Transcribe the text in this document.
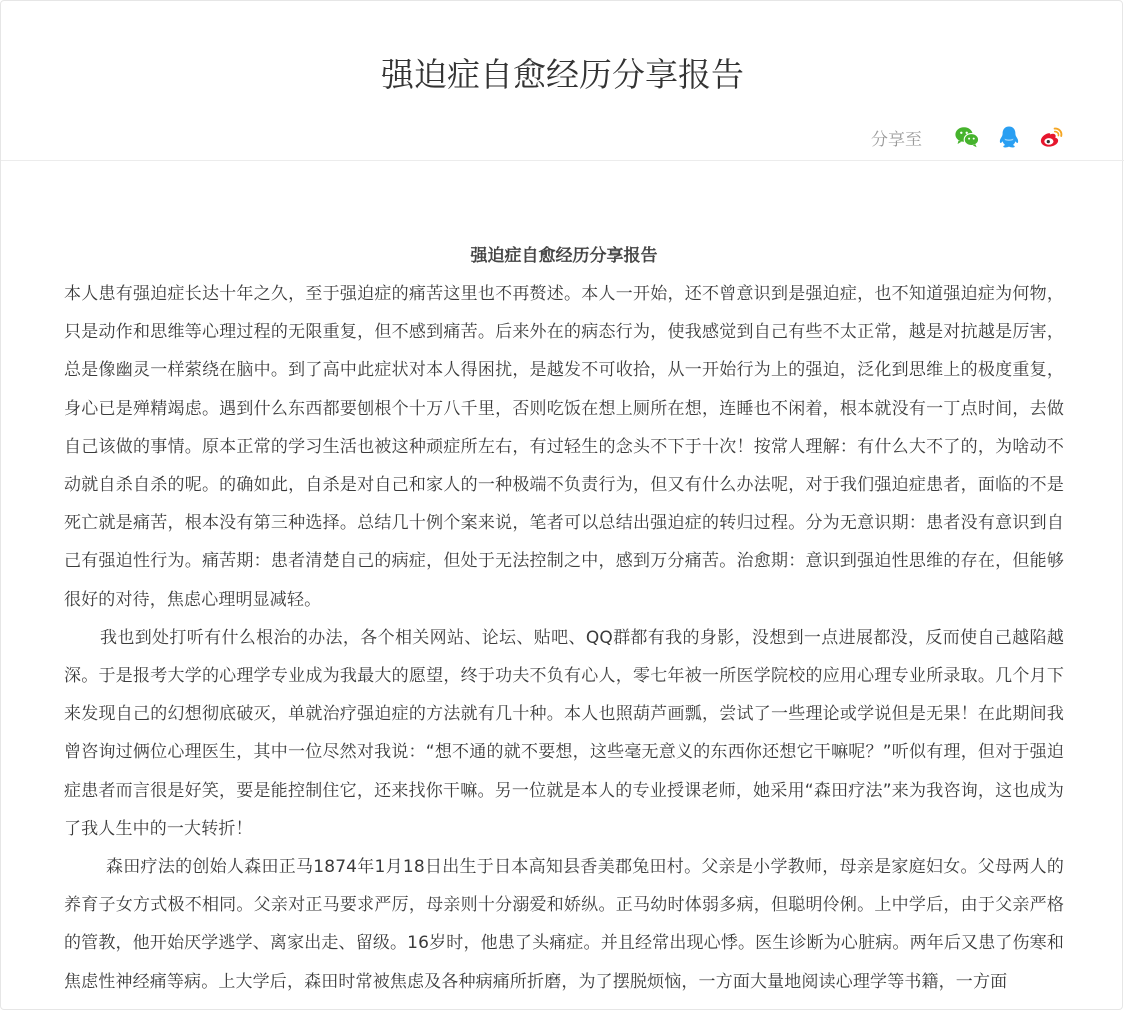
强迫症自愈经历分享报告
分享至

强迫症自愈经历分享报告

本人患有强迫症长达十年之久，至于强迫症的痛苦这里也不再赘述。本人一开始，还不曾意识到是强迫症，也不知道强迫症为何物，只是动作和思维等心理过程的无限重复，但不感到痛苦。后来外在的病态行为，使我感觉到自己有些不太正常，越是对抗越是厉害，总是像幽灵一样萦绕在脑中。到了高中此症状对本人得困扰，是越发不可收拾，从一开始行为上的强迫，泛化到思维上的极度重复，身心已是殚精竭虑。遇到什么东西都要刨根个十万八千里，否则吃饭在想上厕所在想，连睡也不闲着，根本就没有一丁点时间，去做自己该做的事情。原本正常的学习生活也被这种顽症所左右，有过轻生的念头不下于十次！按常人理解：有什么大不了的，为啥动不动就自杀自杀的呢。的确如此，自杀是对自己和家人的一种极端不负责行为，但又有什么办法呢，对于我们强迫症患者，面临的不是死亡就是痛苦，根本没有第三种选择。总结几十例个案来说，笔者可以总结出强迫症的转归过程。分为无意识期：患者没有意识到自己有强迫性行为。痛苦期：患者清楚自己的病症，但处于无法控制之中，感到万分痛苦。治愈期：意识到强迫性思维的存在，但能够很好的对待，焦虑心理明显减轻。

我也到处打听有什么根治的办法，各个相关网站、论坛、贴吧、QQ群都有我的身影，没想到一点进展都没，反而使自己越陷越深。于是报考大学的心理学专业成为我最大的愿望，终于功夫不负有心人，零七年被一所医学院校的应用心理专业所录取。几个月下来发现自己的幻想彻底破灭，单就治疗强迫症的方法就有几十种。本人也照葫芦画瓢，尝试了一些理论或学说但是无果！在此期间我曾咨询过俩位心理医生，其中一位尽然对我说：“想不通的就不要想，这些毫无意义的东西你还想它干嘛呢？”听似有理，但对于强迫症患者而言很是好笑，要是能控制住它，还来找你干嘛。另一位就是本人的专业授课老师，她采用“森田疗法”来为我咨询，这也成为了我人生中的一大转折！

森田疗法的创始人森田正马1874年1月18日出生于日本高知县香美郡兔田村。父亲是小学教师，母亲是家庭妇女。父母两人的养育子女方式极不相同。父亲对正马要求严厉，母亲则十分溺爱和娇纵。正马幼时体弱多病，但聪明伶俐。上中学后，由于父亲严格的管教，他开始厌学逃学、离家出走、留级。16岁时，他患了头痛症。并且经常出现心悸。医生诊断为心脏病。两年后又患了伤寒和焦虑性神经痛等病。上大学后，森田时常被焦虑及各种病痛所折磨，为了摆脱烦恼，一方面大量地阅读心理学等书籍，一方面
